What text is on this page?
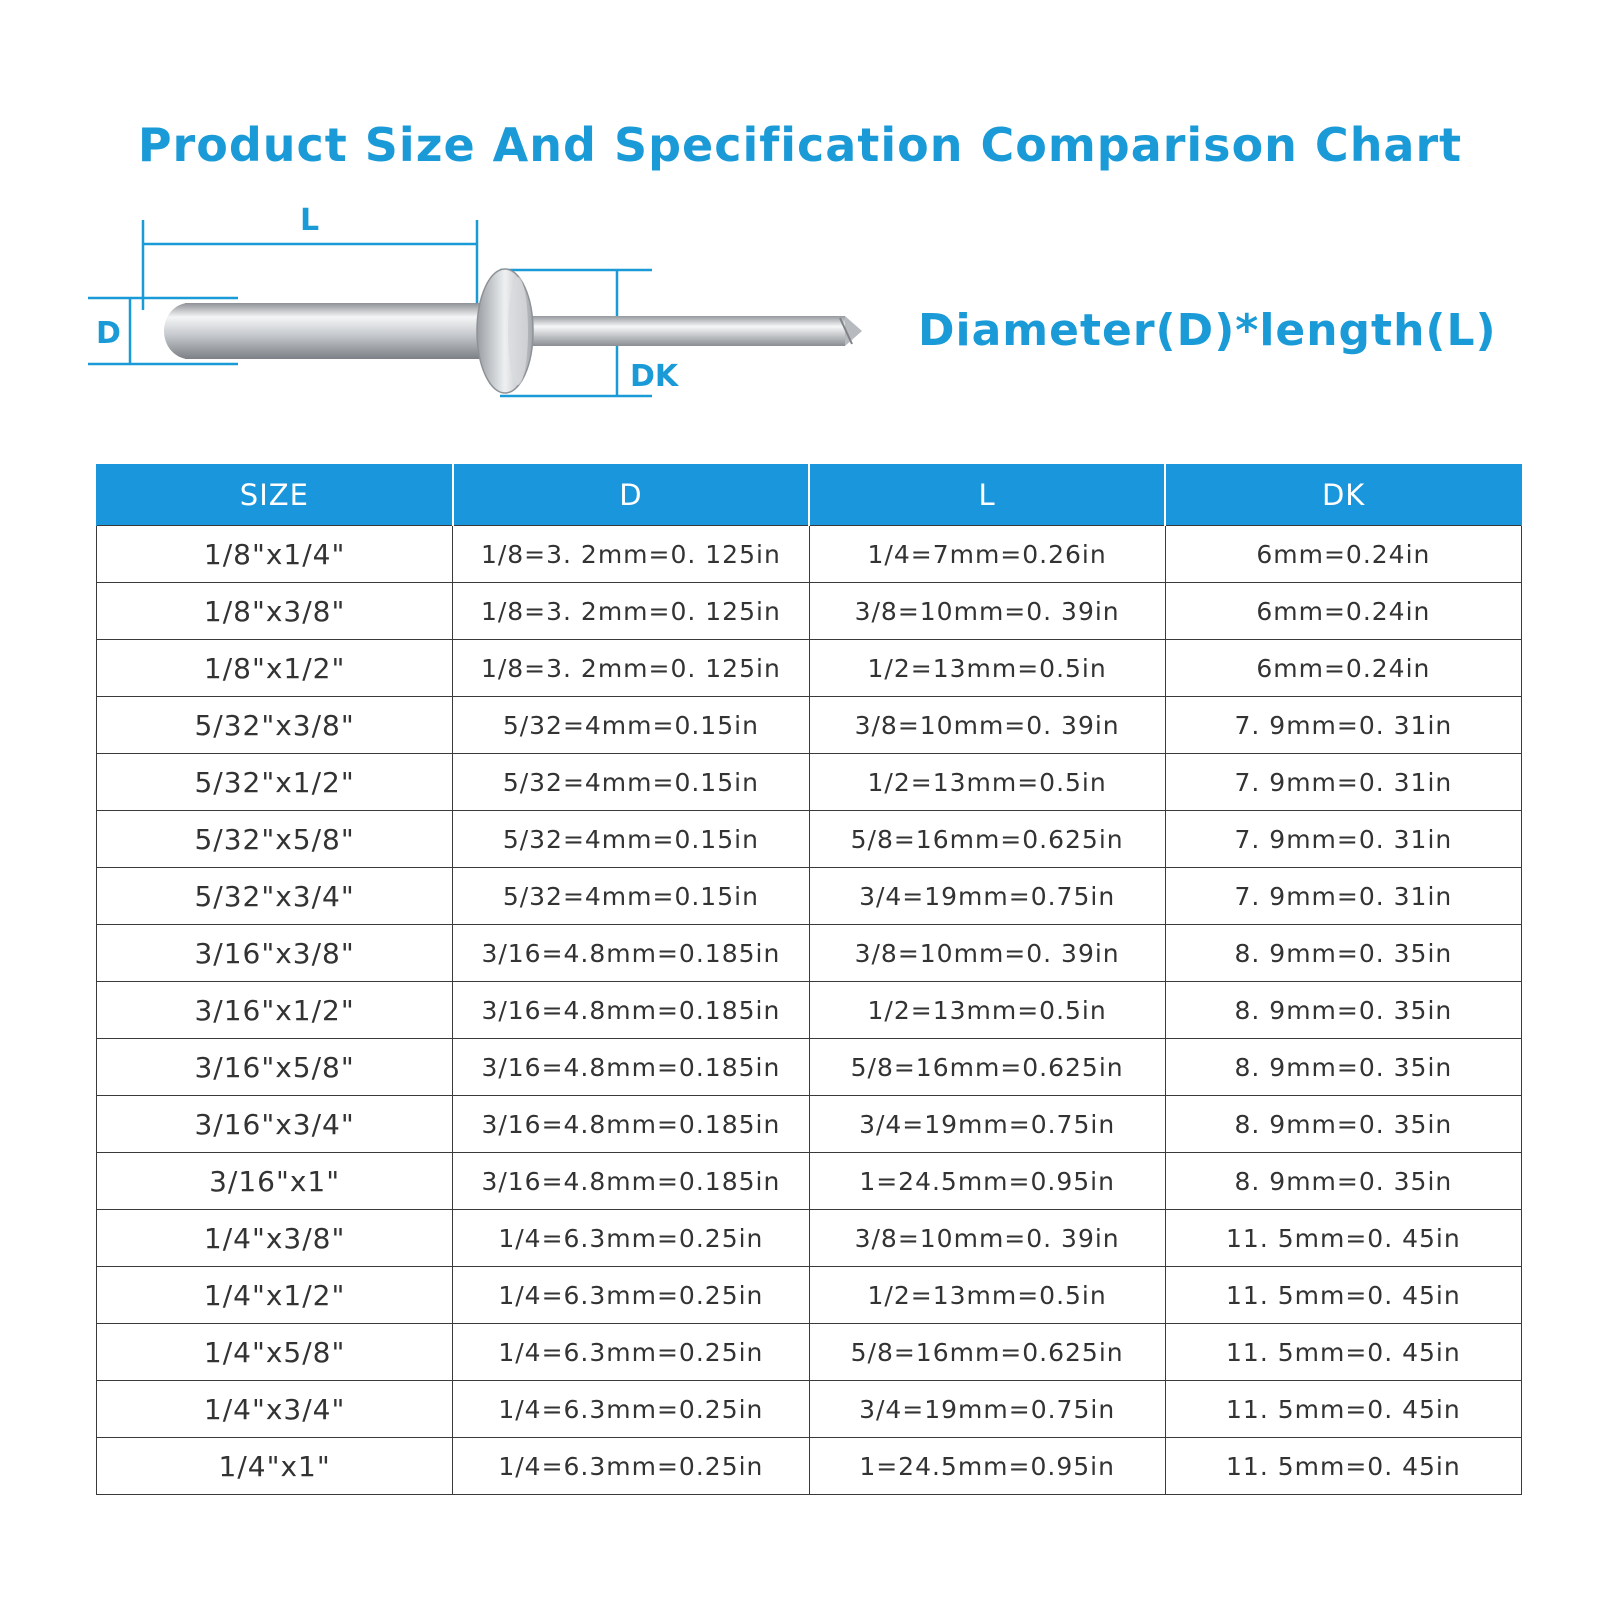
Product Size And Specification Comparison Chart
L
D
DK
Diameter(D)*length(L)
SIZE	D	L	DK
1/8"x1/4"	1/8=3. 2mm=0. 125in	1/4=7mm=0.26in	6mm=0.24in
1/8"x3/8"	1/8=3. 2mm=0. 125in	3/8=10mm=0. 39in	6mm=0.24in
1/8"x1/2"	1/8=3. 2mm=0. 125in	1/2=13mm=0.5in	6mm=0.24in
5/32"x3/8"	5/32=4mm=0.15in	3/8=10mm=0. 39in	7. 9mm=0. 31in
5/32"x1/2"	5/32=4mm=0.15in	1/2=13mm=0.5in	7. 9mm=0. 31in
5/32"x5/8"	5/32=4mm=0.15in	5/8=16mm=0.625in	7. 9mm=0. 31in
5/32"x3/4"	5/32=4mm=0.15in	3/4=19mm=0.75in	7. 9mm=0. 31in
3/16"x3/8"	3/16=4.8mm=0.185in	3/8=10mm=0. 39in	8. 9mm=0. 35in
3/16"x1/2"	3/16=4.8mm=0.185in	1/2=13mm=0.5in	8. 9mm=0. 35in
3/16"x5/8"	3/16=4.8mm=0.185in	5/8=16mm=0.625in	8. 9mm=0. 35in
3/16"x3/4"	3/16=4.8mm=0.185in	3/4=19mm=0.75in	8. 9mm=0. 35in
3/16"x1"	3/16=4.8mm=0.185in	1=24.5mm=0.95in	8. 9mm=0. 35in
1/4"x3/8"	1/4=6.3mm=0.25in	3/8=10mm=0. 39in	11. 5mm=0. 45in
1/4"x1/2"	1/4=6.3mm=0.25in	1/2=13mm=0.5in	11. 5mm=0. 45in
1/4"x5/8"	1/4=6.3mm=0.25in	5/8=16mm=0.625in	11. 5mm=0. 45in
1/4"x3/4"	1/4=6.3mm=0.25in	3/4=19mm=0.75in	11. 5mm=0. 45in
1/4"x1"	1/4=6.3mm=0.25in	1=24.5mm=0.95in	11. 5mm=0. 45in
